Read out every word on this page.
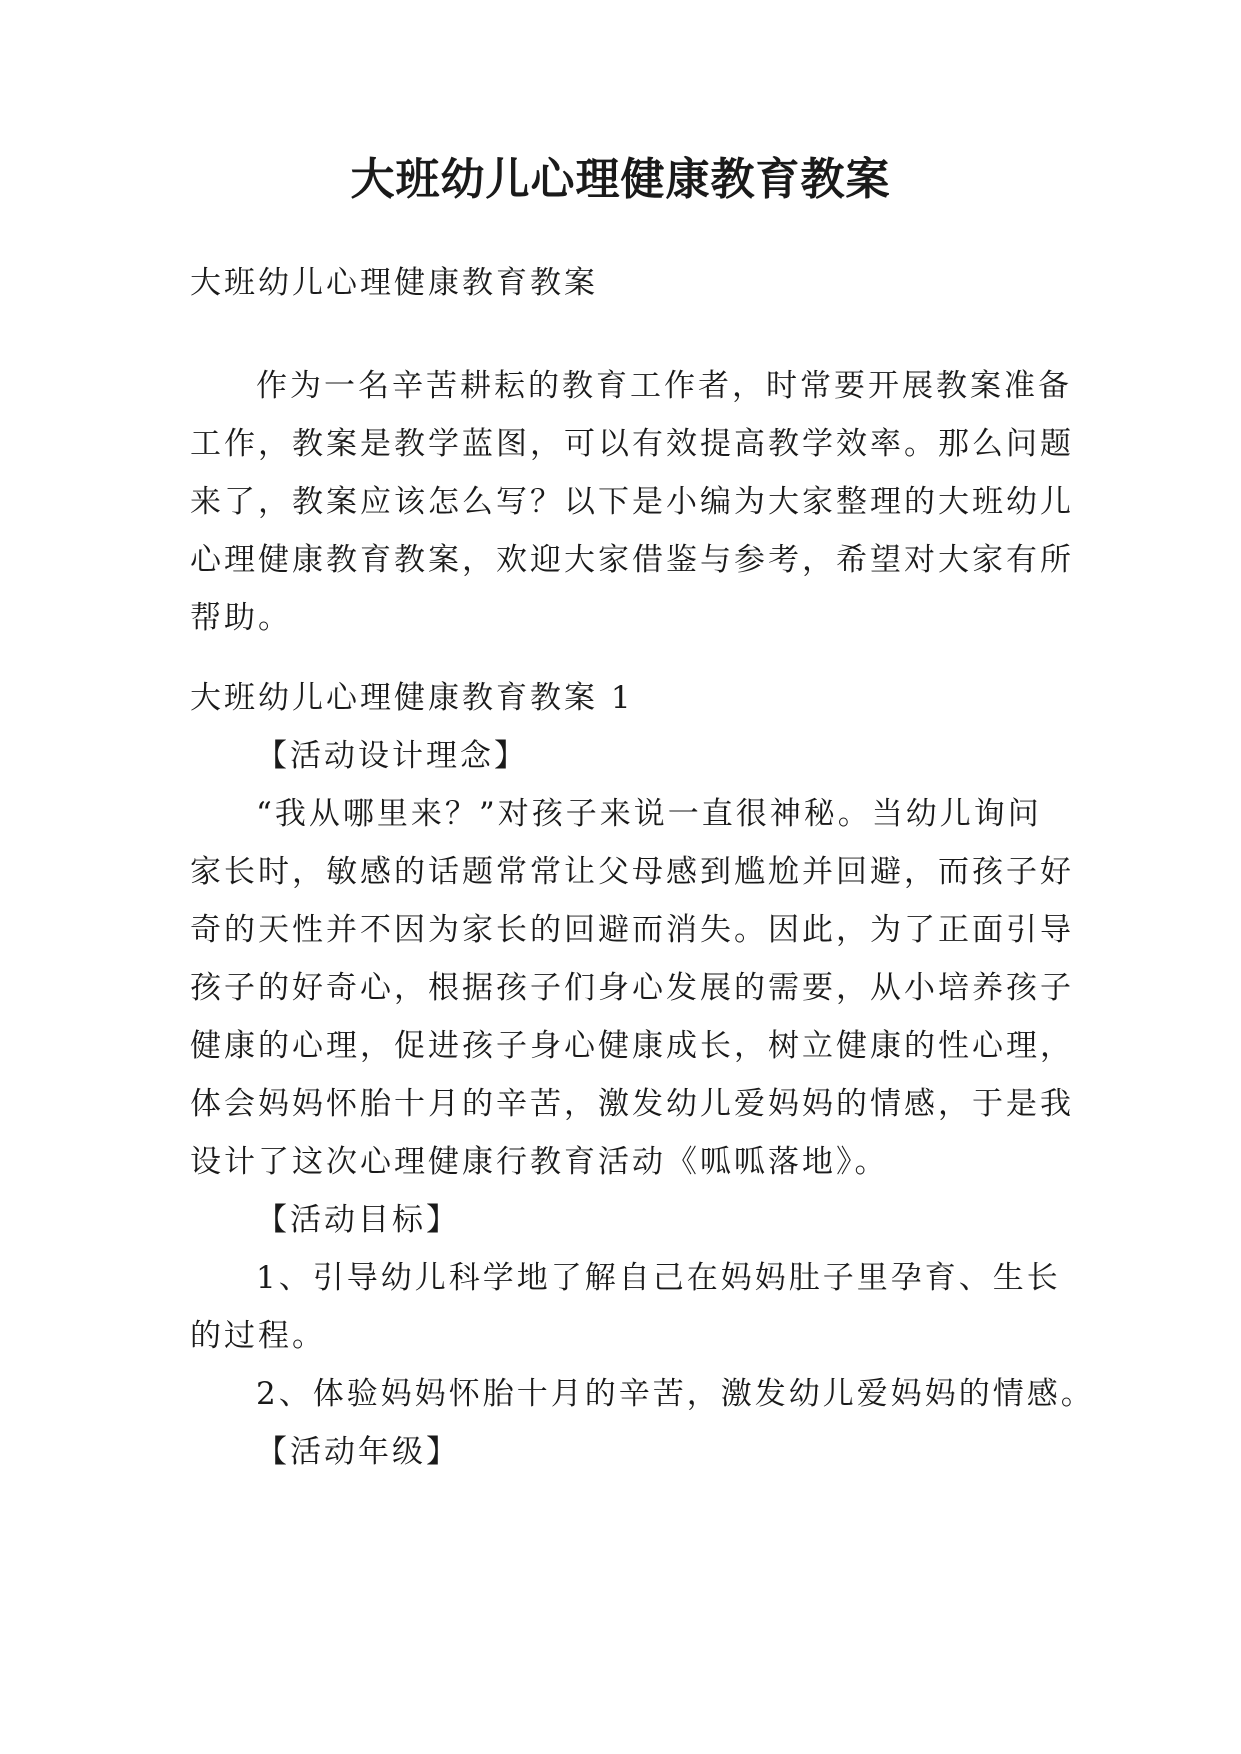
大班幼儿心理健康教育教案
大班幼儿心理健康教育教案
作为一名辛苦耕耘的教育工作者，时常要开展教案准备
工作，教案是教学蓝图，可以有效提高教学效率。那么问题
来了，教案应该怎么写？以下是小编为大家整理的大班幼儿
心理健康教育教案，欢迎大家借鉴与参考，希望对大家有所
帮助。
大班幼儿心理健康教育教案 1
【活动设计理念】
“我从哪里来？”对孩子来说一直很神秘。当幼儿询问
家长时，敏感的话题常常让父母感到尴尬并回避，而孩子好
奇的天性并不因为家长的回避而消失。因此，为了正面引导
孩子的好奇心，根据孩子们身心发展的需要，从小培养孩子
健康的心理，促进孩子身心健康成长，树立健康的性心理，
体会妈妈怀胎十月的辛苦，激发幼儿爱妈妈的情感，于是我
设计了这次心理健康行教育活动《呱呱落地》。
【活动目标】
1、引导幼儿科学地了解自己在妈妈肚子里孕育、生长
的过程。
2、体验妈妈怀胎十月的辛苦，激发幼儿爱妈妈的情感。
【活动年级】
